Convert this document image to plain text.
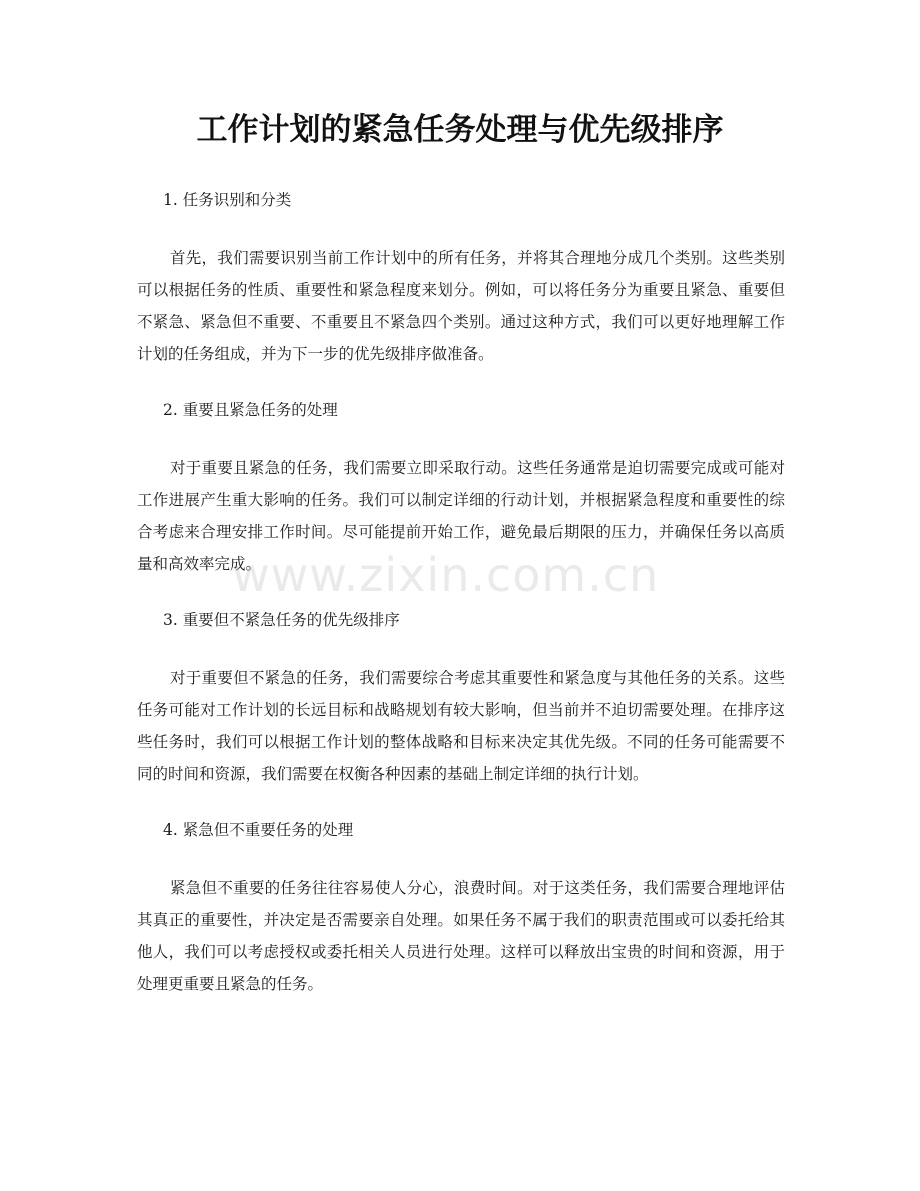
工作计划的紧急任务处理与优先级排序
www.zixin.com.cn

1. 任务识别和分类

首先，我们需要识别当前工作计划中的所有任务，并将其合理地分成几个类别。这些类别可以根据任务的性质、重要性和紧急程度来划分。例如，可以将任务分为重要且紧急、重要但不紧急、紧急但不重要、不重要且不紧急四个类别。通过这种方式，我们可以更好地理解工作计划的任务组成，并为下一步的优先级排序做准备。

2. 重要且紧急任务的处理

对于重要且紧急的任务，我们需要立即采取行动。这些任务通常是迫切需要完成或可能对工作进展产生重大影响的任务。我们可以制定详细的行动计划，并根据紧急程度和重要性的综合考虑来合理安排工作时间。尽可能提前开始工作，避免最后期限的压力，并确保任务以高质量和高效率完成。

3. 重要但不紧急任务的优先级排序

对于重要但不紧急的任务，我们需要综合考虑其重要性和紧急度与其他任务的关系。这些任务可能对工作计划的长远目标和战略规划有较大影响，但当前并不迫切需要处理。在排序这些任务时，我们可以根据工作计划的整体战略和目标来决定其优先级。不同的任务可能需要不同的时间和资源，我们需要在权衡各种因素的基础上制定详细的执行计划。

4. 紧急但不重要任务的处理

紧急但不重要的任务往往容易使人分心，浪费时间。对于这类任务，我们需要合理地评估其真正的重要性，并决定是否需要亲自处理。如果任务不属于我们的职责范围或可以委托给其他人，我们可以考虑授权或委托相关人员进行处理。这样可以释放出宝贵的时间和资源，用于处理更重要且紧急的任务。
